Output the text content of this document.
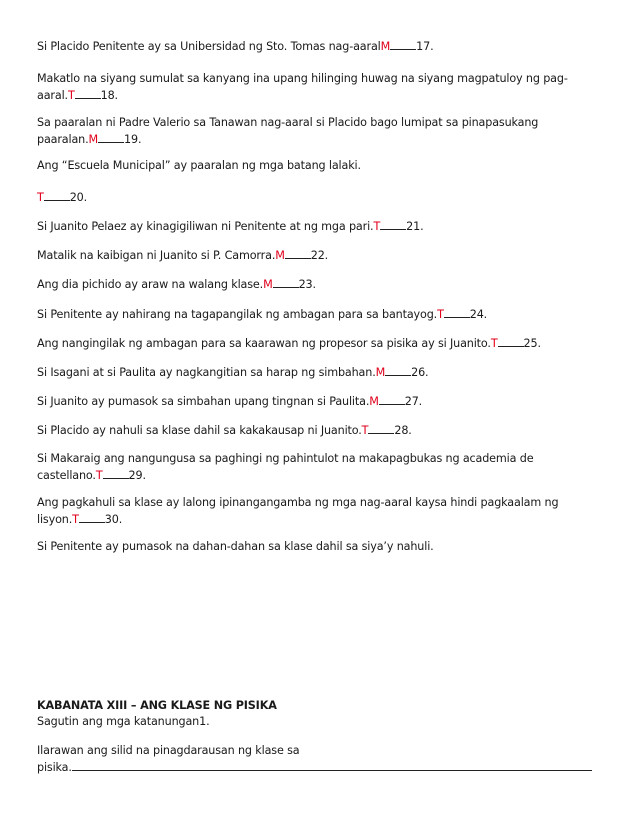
Si Placido Penitente ay sa Unibersidad ng Sto. Tomas nag-aaralM 17.
Makatlo na siyang sumulat sa kanyang ina upang hilinging huwag na siyang magpatuloy ng pag-
aaral.T 18.
Sa paaralan ni Padre Valerio sa Tanawan nag-aaral si Placido bago lumipat sa pinapasukang
paaralan.M 19.
Ang “Escuela Municipal” ay paaralan ng mga batang lalaki.
T 20.
Si Juanito Pelaez ay kinagigiliwan ni Penitente at ng mga pari.T 21.
Matalik na kaibigan ni Juanito si P. Camorra.M 22.
Ang dia pichido ay araw na walang klase.M 23.
Si Penitente ay nahirang na tagapangilak ng ambagan para sa bantayog.T 24.
Ang nangingilak ng ambagan para sa kaarawan ng propesor sa pisika ay si Juanito.T 25.
Si Isagani at si Paulita ay nagkangitian sa harap ng simbahan.M 26.
Si Juanito ay pumasok sa simbahan upang tingnan si Paulita.M 27.
Si Placido ay nahuli sa klase dahil sa kakakausap ni Juanito.T 28.
Si Makaraig ang nangungusa sa paghingi ng pahintulot na makapagbukas ng academia de
castellano.T 29.
Ang pagkahuli sa klase ay lalong ipinangangamba ng mga nag-aaral kaysa hindi pagkaalam ng
lisyon.T 30.
Si Penitente ay pumasok na dahan-dahan sa klase dahil sa siya’y nahuli.
KABANATA XIII – ANG KLASE NG PISIKA
Sagutin ang mga katanungan1.
Ilarawan ang silid na pinagdarausan ng klase sa
pisika.
